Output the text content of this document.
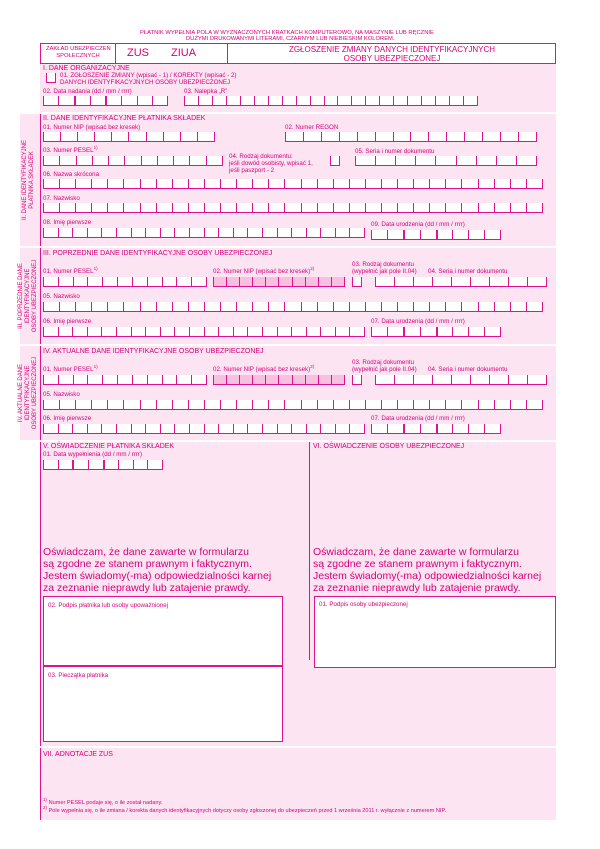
PŁATNIK WYPEŁNIA POLA W WYZNACZONYCH KRATKACH KOMPUTEROWO, NA MASZYNIE LUB RĘCZNIE
DUŻYMI DRUKOWANYMI LITERAMI, CZARNYM LUB NIEBIESKIM KOLOREM.
ZAKŁAD UBEZPIECZEŃ
SPOŁECZNYCH	ZUS ZIUA	ZGŁOSZENIE ZMIANY DANYCH IDENTYFIKACYJNYCH
OSOBY UBEZPIECZONEJ
I. DANE ORGANIZACYJNE
01. ZGŁOSZENIE ZMIANY (wpisać - 1) / KOREKTY (wpisać - 2)
DANYCH IDENTYFIKACYJNYCH OSOBY UBEZPIECZONEJ
02. Data nadania (dd / mm / rrrr)	03. Nalepka „R”
II. DANE IDENTYFIKACYJNE
PŁATNIKA SKŁADEK
II. DANE IDENTYFIKACYJNE PŁATNIKA SKŁADEK
01. Numer NIP (wpisać bez kresek)	02. Numer REGON
03. Numer PESEL$^{1)}$
04. Rodzaj dokumentu:
jeśli dowód osobisty, wpisać 1,
jeśli paszport - 2
05. Seria i numer dokumentu
06. Nazwa skrócona
07. Nazwisko
08. Imię pierwsze	09. Data urodzenia (dd / mm / rrrr)
III. POPRZEDNIE DANE
IDENTYFIKACYJNE
OSOBY UBEZPIECZONEJ
III. POPRZEDNIE DANE IDENTYFIKACYJNE OSOBY UBEZPIECZONEJ
01. Numer PESEL$^{1)}$	02. Numer NIP (wpisać bez kresek)$^{2)}$
03. Rodzaj dokumentu
(wypełnić jak pole II.04) 04. Seria i numer dokumentu
05. Nazwisko
06. Imię pierwsze	07. Data urodzenia (dd / mm / rrrr)
IV. AKTUALNE DANE
IDENTYFIKACYJNE
OSOBY UBEZPIECZONEJ
IV. AKTUALNE DANE IDENTYFIKACYJNE OSOBY UBEZPIECZONEJ
01. Numer PESEL$^{1)}$	02. Numer NIP (wpisać bez kresek)$^{2)}$
03. Rodzaj dokumentu
(wypełnić jak pole II.04) 04. Seria i numer dokumentu
05. Nazwisko
06. Imię pierwsze	07. Data urodzenia (dd / mm / rrrr)
V. OŚWIADCZENIE PŁATNIKA SKŁADEK
01. Data wypełnienia (dd / mm / rrrr)
VI. OŚWIADCZENIE OSOBY UBEZPIECZONEJ
Oświadczam, że dane zawarte w formularzu
są zgodne ze stanem prawnym i faktycznym.
Jestem świadomy(-ma) odpowiedzialności karnej
za zeznanie nieprawdy lub zatajenie prawdy.
Oświadczam, że dane zawarte w formularzu
są zgodne ze stanem prawnym i faktycznym.
Jestem świadomy(-ma) odpowiedzialności karnej
za zeznanie nieprawdy lub zatajenie prawdy.
02. Podpis płatnika lub osoby upoważnionej
03. Pieczątka płatnika
01. Podpis osoby ubezpieczonej
VII. ADNOTACJE ZUS
$^{1)}$ Numer PESEL podaje się, o ile został nadany.
$^{2)}$ Pole wypełnia się, o ile zmiana / korekta danych identyfikacyjnych dotyczy osoby zgłoszonej do ubezpieczeń przed 1 września 2011 r. wyłącznie z numerem NIP.
